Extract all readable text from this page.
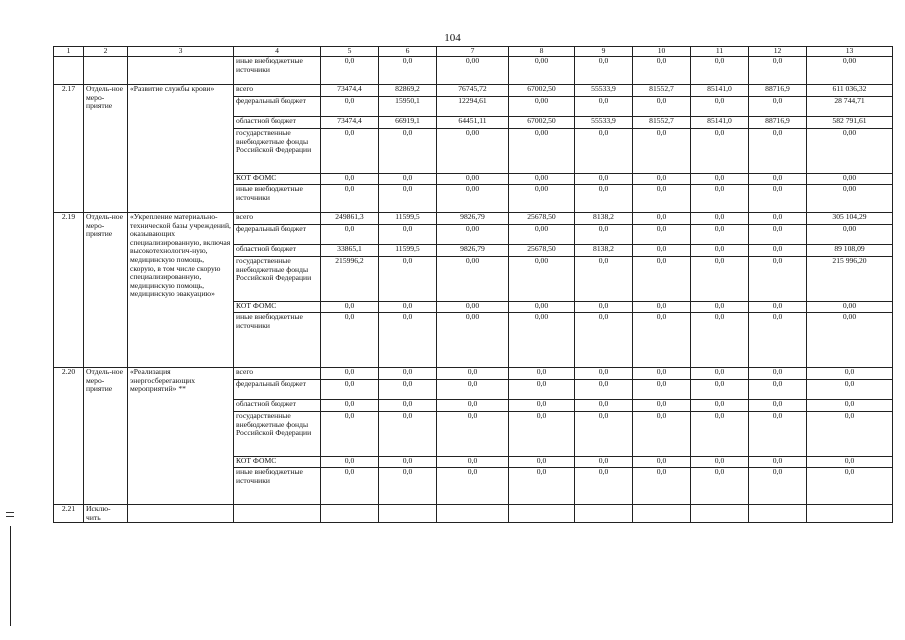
104
1	2	3	4	5	6	7	8	9	10	11	12	13
			иные внебюджетные источники	0,0	0,0	0,00	0,00	0,0	0,0	0,0	0,0	0,00
2.17	Отдель-ное меро-приятие	«Развитие службы крови»	всего	73474,4	82869,2	76745,72	67002,50	55533,9	81552,7	85141,0	88716,9	611 036,32
			федеральный бюджет	0,0	15950,1	12294,61	0,00	0,0	0,0	0,0	0,0	28 744,71
			областной бюджет	73474,4	66919,1	64451,11	67002,50	55533,9	81552,7	85141,0	88716,9	582 791,61
			государственные внебюджетные фонды Российской Федерации	0,0	0,0	0,00	0,00	0,0	0,0	0,0	0,0	0,00
			КОТ ФОМС	0,0	0,0	0,00	0,00	0,0	0,0	0,0	0,0	0,00
			иные внебюджетные источники	0,0	0,0	0,00	0,00	0,0	0,0	0,0	0,0	0,00
2.19	Отдель-ное меро-приятие	«Укрепление материально-технической базы учреждений, оказывающих специализированную, включая высокотехнологич-ную, медицинскую помощь, скорую, в том числе скорую специализированную, медицинскую помощь, медицинскую эвакуацию»	всего	249861,3	11599,5	9826,79	25678,50	8138,2	0,0	0,0	0,0	305 104,29
			федеральный бюджет	0,0	0,0	0,00	0,00	0,0	0,0	0,0	0,0	0,00
			областной бюджет	33865,1	11599,5	9826,79	25678,50	8138,2	0,0	0,0	0,0	89 108,09
			государственные внебюджетные фонды Российской Федерации	215996,2	0,0	0,00	0,00	0,0	0,0	0,0	0,0	215 996,20
			КОТ ФОМС	0,0	0,0	0,00	0,00	0,0	0,0	0,0	0,0	0,00
			иные внебюджетные источники	0,0	0,0	0,00	0,00	0,0	0,0	0,0	0,0	0,00
2.20	Отдель-ное меро-приятие	«Реализация энергосберегающих мероприятий» **	всего	0,0	0,0	0,0	0,0	0,0	0,0	0,0	0,0	0,0
			федеральный бюджет	0,0	0,0	0,0	0,0	0,0	0,0	0,0	0,0	0,0
			областной бюджет	0,0	0,0	0,0	0,0	0,0	0,0	0,0	0,0	0,0
			государственные внебюджетные фонды Российской Федерации	0,0	0,0	0,0	0,0	0,0	0,0	0,0	0,0	0,0
			КОТ ФОМС	0,0	0,0	0,0	0,0	0,0	0,0	0,0	0,0	0,0
			иные внебюджетные источники	0,0	0,0	0,0	0,0	0,0	0,0	0,0	0,0	0,0
2.21	Исклю-чить											
